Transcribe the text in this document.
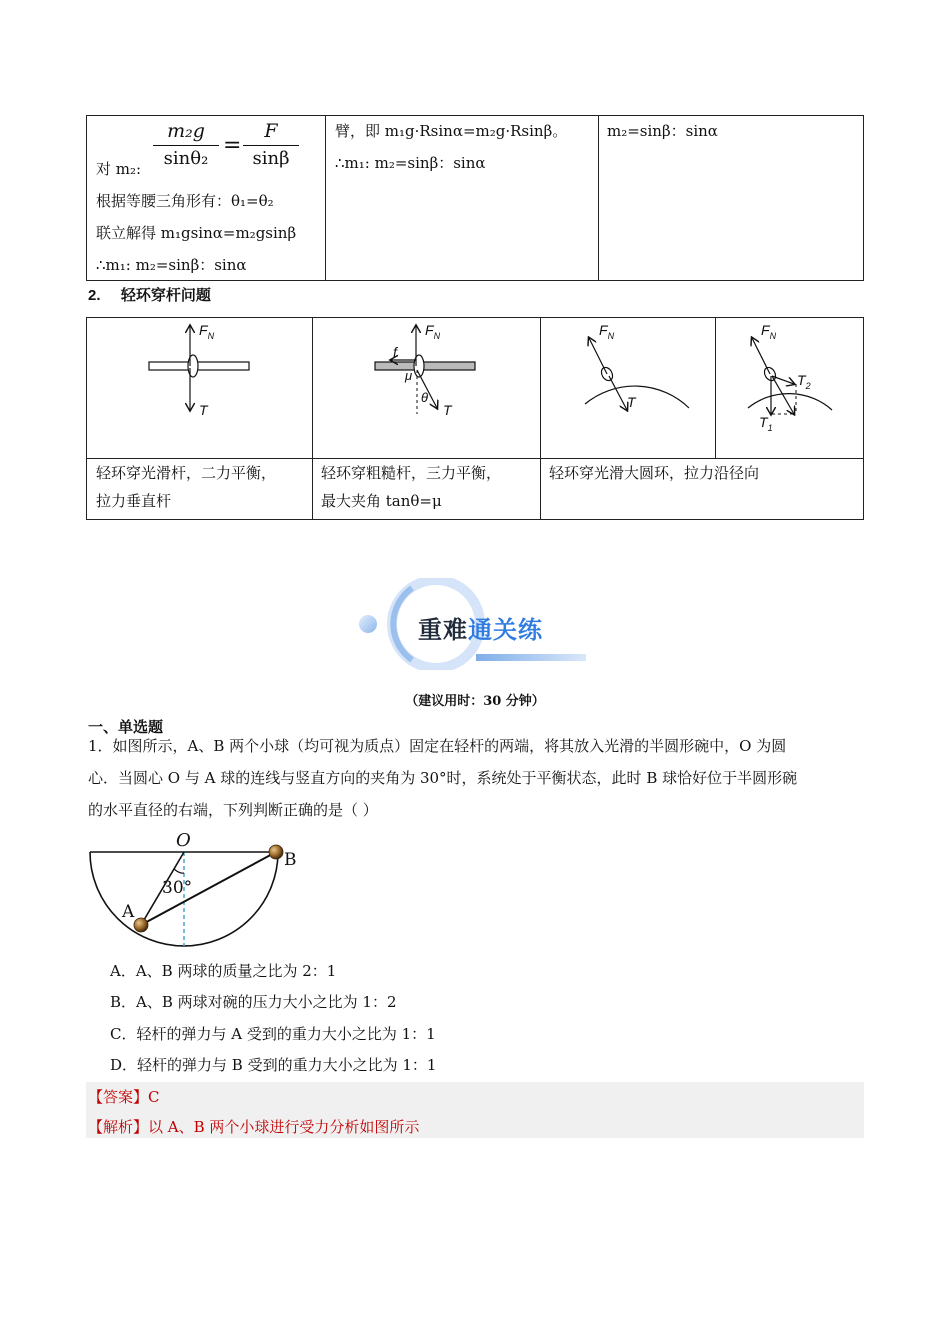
m₂g
sinθ₂
=
F
sinβ
对 m₂:
根据等腰三角形有：θ₁=θ₂
联立解得 m₁gsinα=m₂gsinβ
∴m₁: m₂=sinβ：sinα
臂，即 m₁g·Rsinα=m₂g·Rsinβ。
∴m₁: m₂=sinβ：sinα
m₂=sinβ：sinα
2. 轻环穿杆问题
$F_N$
T
$F_N$
f
μ
θ
T
$F_N$
T
$F_N$
$T_2$
$T_1$
轻环穿光滑杆，二力平衡，
拉力垂直杆
轻环穿粗糙杆，三力平衡，
最大夹角 tanθ=μ
轻环穿光滑大圆环，拉力沿径向
重难通关练
（建议用时：30 分钟）
一、单选题
1．如图所示，A、B 两个小球（均可视为质点）固定在轻杆的两端，将其放入光滑的半圆形碗中，O 为圆
心．当圆心 O 与 A 球的连线与竖直方向的夹角为 30°时，系统处于平衡状态，此时 B 球恰好位于半圆形碗
的水平直径的右端，下列判断正确的是（ ）
O
30°
A
B
A．A、B 两球的质量之比为 2：1
B．A、B 两球对碗的压力大小之比为 1：2
C．轻杆的弹力与 A 受到的重力大小之比为 1：1
D．轻杆的弹力与 B 受到的重力大小之比为 1：1
【答案】C
【解析】以 A、B 两个小球进行受力分析如图所示
